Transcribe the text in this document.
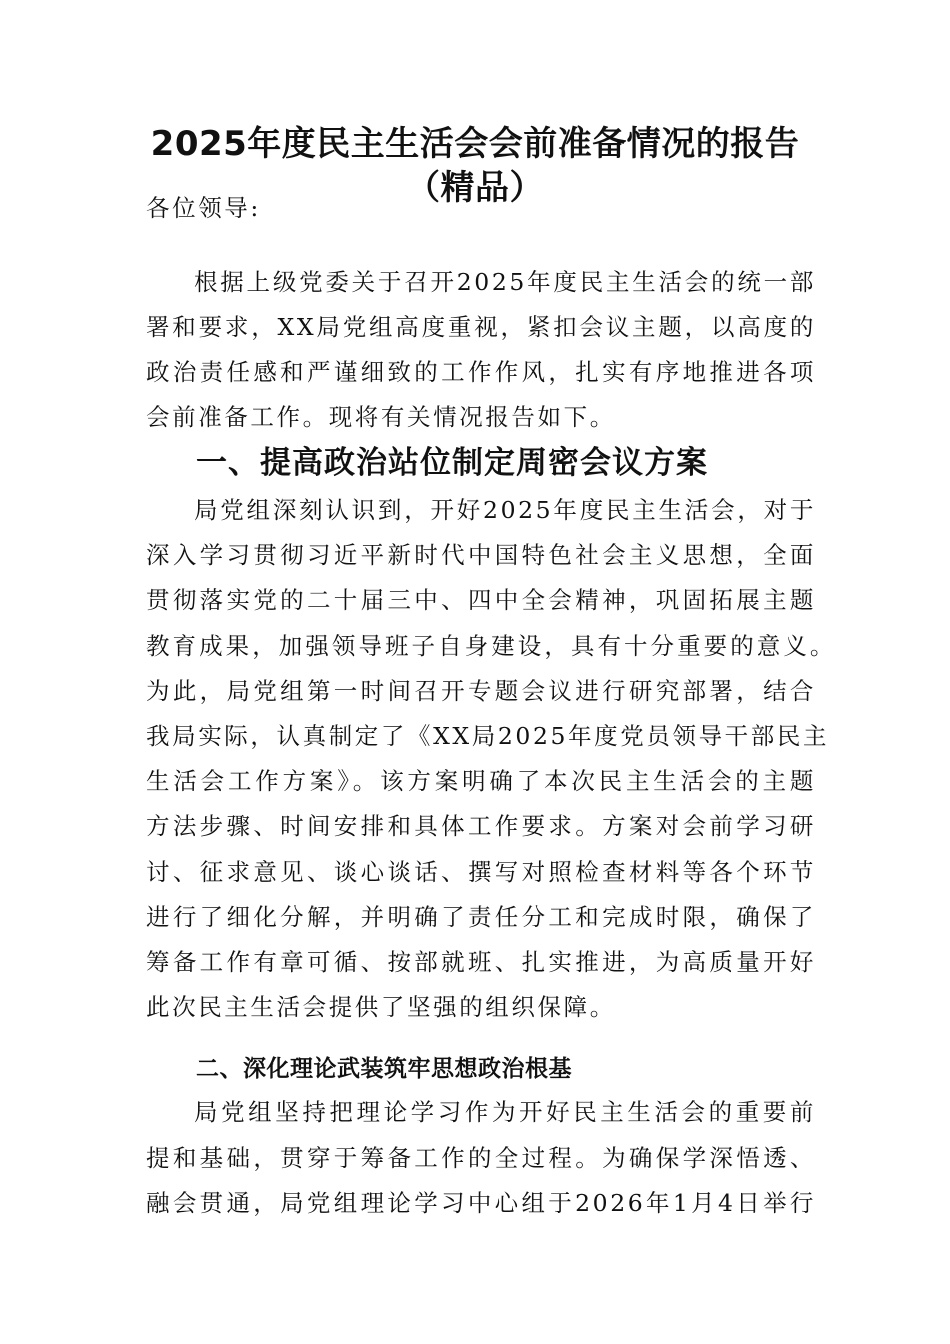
2025年度民主生活会会前准备情况的报告
（精品）

各位领导:

根据上级党委关于召开2025年度民主生活会的统一部

署和要求，XX局党组高度重视，紧扣会议主题，以高度的

政治责任感和严谨细致的工作作风，扎实有序地推进各项

会前准备工作。现将有关情况报告如下。

一、提高政治站位制定周密会议方案

局党组深刻认识到，开好2025年度民主生活会，对于

深入学习贯彻习近平新时代中国特色社会主义思想，全面

贯彻落实党的二十届三中、四中全会精神，巩固拓展主题

教育成果，加强领导班子自身建设，具有十分重要的意义。

为此，局党组第一时间召开专题会议进行研究部署，结合

我局实际，认真制定了《XX局2025年度党员领导干部民主

生活会工作方案》。该方案明确了本次民主生活会的主题

方法步骤、时间安排和具体工作要求。方案对会前学习研

讨、征求意见、谈心谈话、撰写对照检查材料等各个环节

进行了细化分解，并明确了责任分工和完成时限，确保了

筹备工作有章可循、按部就班、扎实推进，为高质量开好

此次民主生活会提供了坚强的组织保障。

二、深化理论武装筑牢思想政治根基

局党组坚持把理论学习作为开好民主生活会的重要前

提和基础，贯穿于筹备工作的全过程。为确保学深悟透、

融会贯通，局党组理论学习中心组于2026年1月4日举行
